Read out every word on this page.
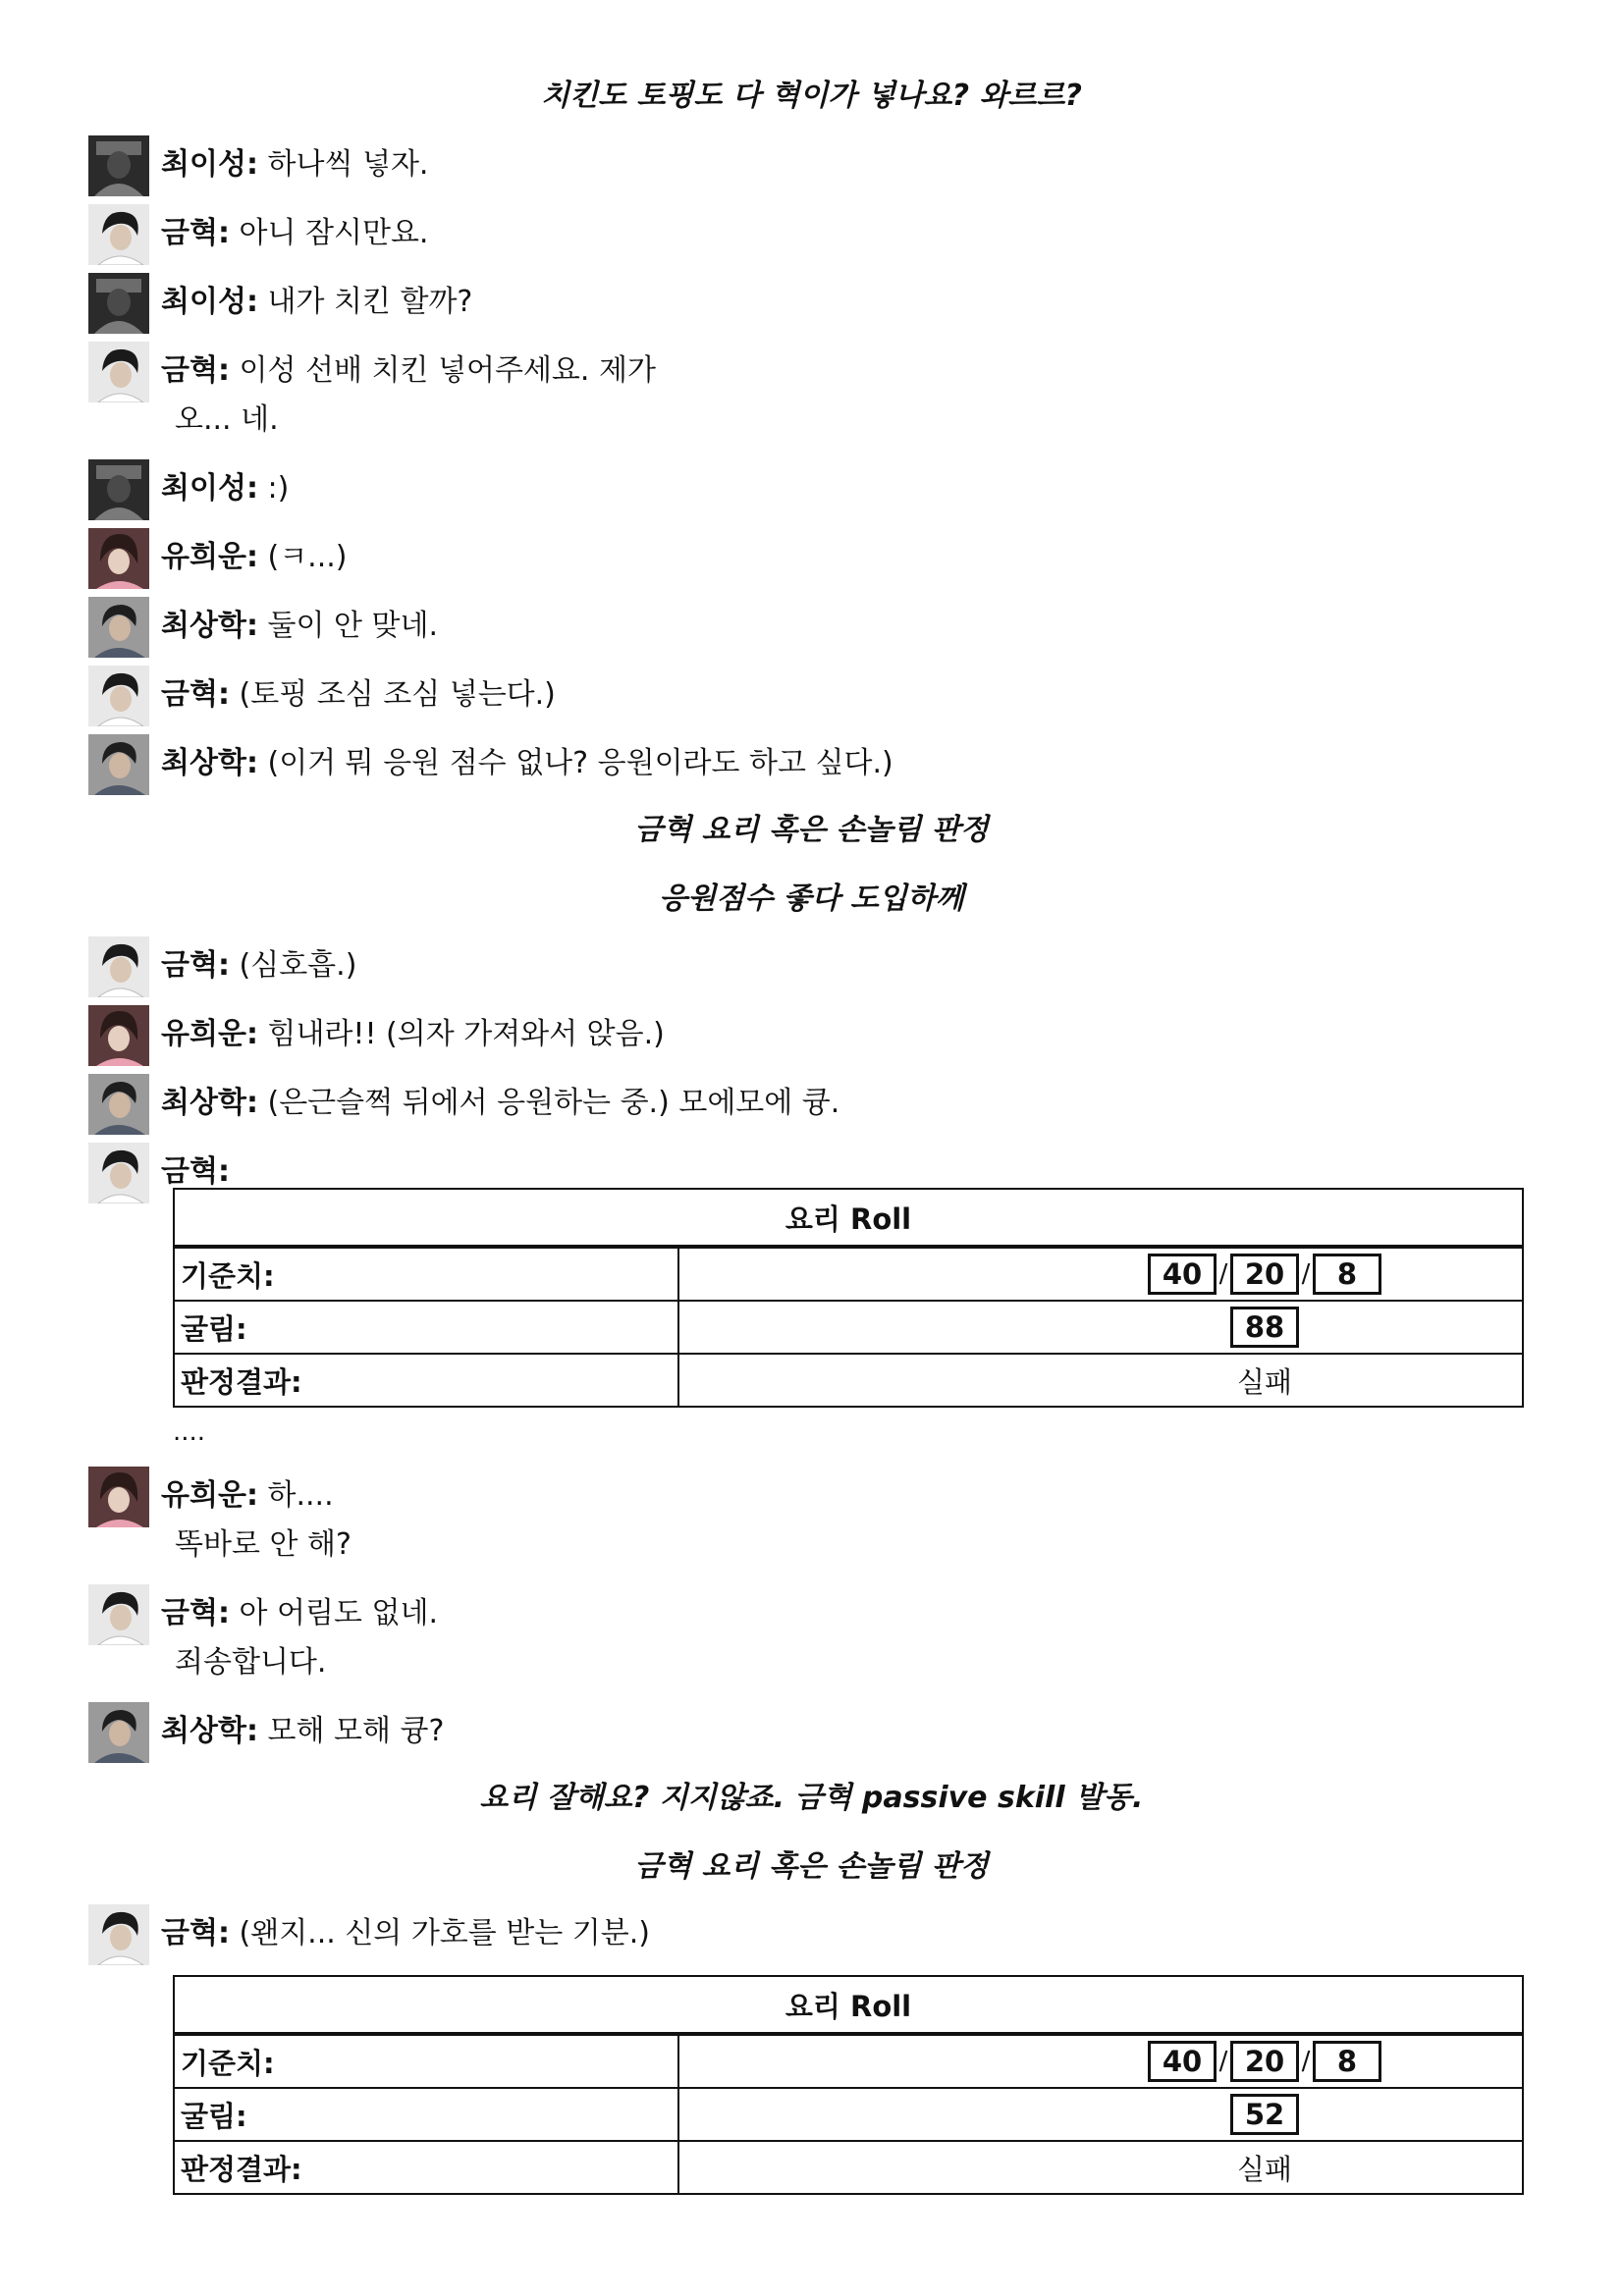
치킨도 토핑도 다 혁이가 넣나요? 와르르?
최이성: 하나씩 넣자.
금혁: 아니 잠시만요.
최이성: 내가 치킨 할까?
금혁: 이성 선배 치킨 넣어주세요. 제가
오... 네.
최이성: :)
유희운: (ㅋ...)
최상학: 둘이 안 맞네.
금혁: (토핑 조심 조심 넣는다.)
최상학: (이거 뭐 응원 점수 없나? 응원이라도 하고 싶다.)
금혁 요리 혹은 손놀림 판정
응원점수 좋다 도입하께
금혁: (심호흡.)
유희운: 힘내라!! (의자 가져와서 앉음.)
최상학: (은근슬쩍 뒤에서 응원하는 중.) 모에모에 큥.
금혁:
요리 Roll	
기준치:	40 / 20 / 8
굴림:	88
판정결과:	실패
....
유희운: 하....
똑바로 안 해?
금혁: 아 어림도 없네.
죄송합니다.
최상학: 모해 모해 큥?
요리 잘해요? 지지않죠. 금혁 passive skill 발동.
금혁 요리 혹은 손놀림 판정
금혁: (왠지... 신의 가호를 받는 기분.)
요리 Roll	
기준치:	40 / 20 / 8
굴림:	52
판정결과:	실패
